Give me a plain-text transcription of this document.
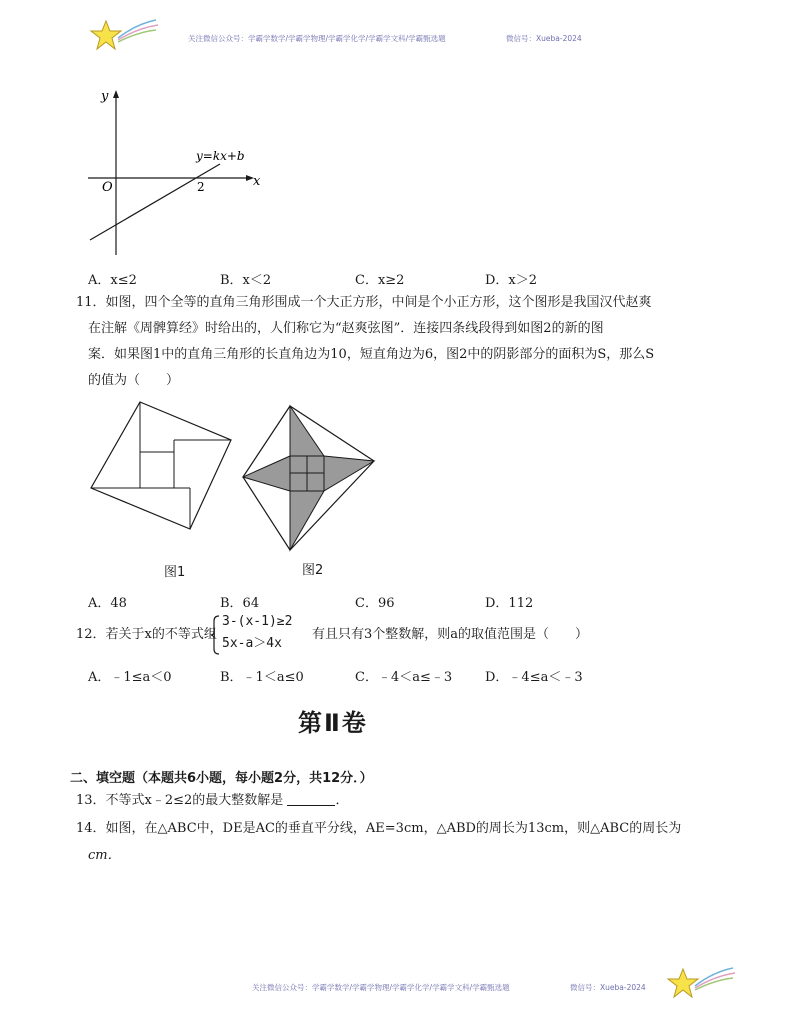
关注微信公众号：学霸学数学/学霸学物理/学霸学化学/学霸学文科/学霸甄选题	微信号：Xueba-2024
y
x
O	2
y=kx+b
A．x≤2	B．x＜2	C．x≥2	D．x＞2
11．如图，四个全等的直角三角形围成一个大正方形，中间是个小正方形，这个图形是我国汉代赵爽
在注解《周髀算经》时给出的，人们称它为“赵爽弦图”．连接四条线段得到如图2的新的图
案．如果图1中的直角三角形的长直角边为10，短直角边为6，图2中的阴影部分的面积为S，那么S
的值为（　　）
图1	图2
A．48	B．64	C．96	D．112
12．若关于x的不等式组
3-(x-1)≥2
5x-a＞4x
有且只有3个整数解，则a的取值范围是（　　）
A．﹣1≤a＜0	B．﹣1＜a≤0	C．﹣4＜a≤﹣3	D．﹣4≤a＜﹣3
第Ⅱ卷
二、填空题（本题共6小题，每小题2分，共12分．）
13．不等式x﹣2≤2的最大整数解是	．
14．如图，在△ABC中，DE是AC的垂直平分线，AE=3cm，△ABD的周长为13cm，则△ABC的周长为
cm．
关注微信公众号：学霸学数学/学霸学物理/学霸学化学/学霸学文科/学霸甄选题	微信号：Xueba-2024
